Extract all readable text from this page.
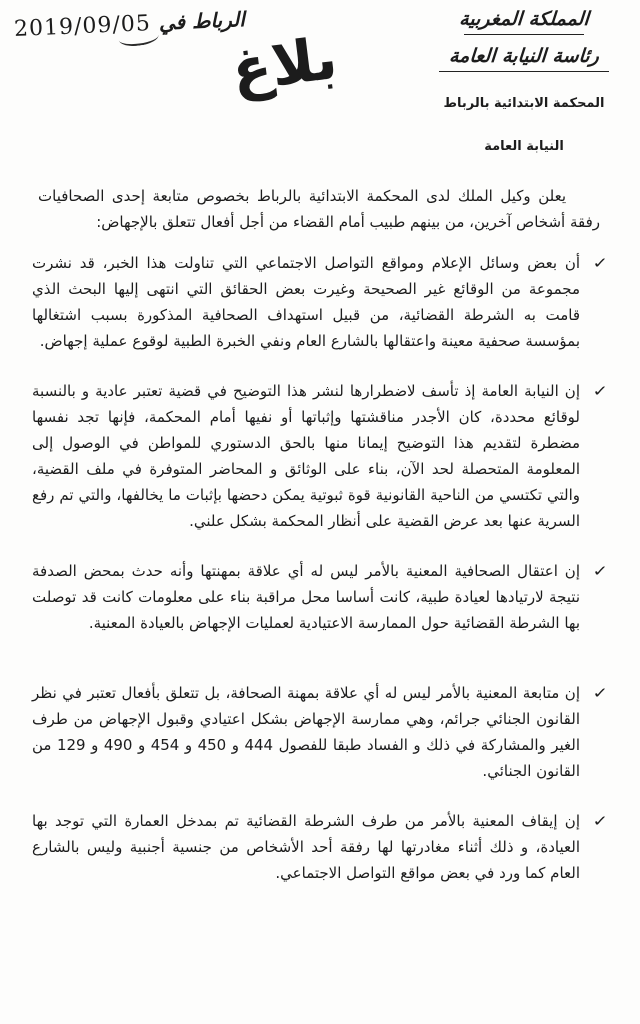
2019/09/05 الرباط في	المملكة المغربية
رئاسة النيابة العامة
المحكمة الابتدائية بالرباط
النيابة العامة
بلاغ

يعلن وكيل الملك لدى المحكمة الابتدائية بالرباط بخصوص متابعة إحدى الصحافيات رفقة أشخاص آخرين، من بينهم طبيب أمام القضاء من أجل أفعال تتعلق بالإجهاض:

✓

أن بعض وسائل الإعلام ومواقع التواصل الاجتماعي التي تناولت هذا الخبر، قد نشرت مجموعة من الوقائع غير الصحيحة وغيرت بعض الحقائق التي انتهى إليها البحث الذي قامت به الشرطة القضائية، من قبيل استهداف الصحافية المذكورة بسبب اشتغالها بمؤسسة صحفية معينة واعتقالها بالشارع العام ونفي الخبرة الطبية لوقوع عملية إجهاض.

✓

إن النيابة العامة إذ تأسف لاضطرارها لنشر هذا التوضيح في قضية تعتبر عادية و بالنسبة لوقائع محددة، كان الأجدر مناقشتها وإثباتها أو نفيها أمام المحكمة، فإنها تجد نفسها مضطرة لتقديم هذا التوضيح إيمانا منها بالحق الدستوري للمواطن في الوصول إلى المعلومة المتحصلة لحد الآن، بناء على الوثائق و المحاضر المتوفرة في ملف القضية، والتي تكتسي من الناحية القانونية قوة ثبوتية يمكن دحضها بإثبات ما يخالفها، والتي تم رفع السرية عنها بعد عرض القضية على أنظار المحكمة بشكل علني.

✓

إن اعتقال الصحافية المعنية بالأمر ليس له أي علاقة بمهنتها وأنه حدث بمحض الصدفة نتيجة لارتيادها لعيادة طبية، كانت أساسا محل مراقبة بناء على معلومات كانت قد توصلت بها الشرطة القضائية حول الممارسة الاعتيادية لعمليات الإجهاض بالعيادة المعنية.

✓

إن متابعة المعنية بالأمر ليس له أي علاقة بمهنة الصحافة، بل تتعلق بأفعال تعتبر في نظر القانون الجنائي جرائم، وهي ممارسة الإجهاض بشكل اعتيادي وقبول الإجهاض من طرف الغير والمشاركة في ذلك و الفساد طبقا للفصول 444 و 450 و 454 و 490 و 129 من القانون الجنائي.

✓

إن إيقاف المعنية بالأمر من طرف الشرطة القضائية تم بمدخل العمارة التي توجد بها العيادة، و ذلك أثناء مغادرتها لها رفقة أحد الأشخاص من جنسية أجنبية وليس بالشارع العام كما ورد في بعض مواقع التواصل الاجتماعي.
